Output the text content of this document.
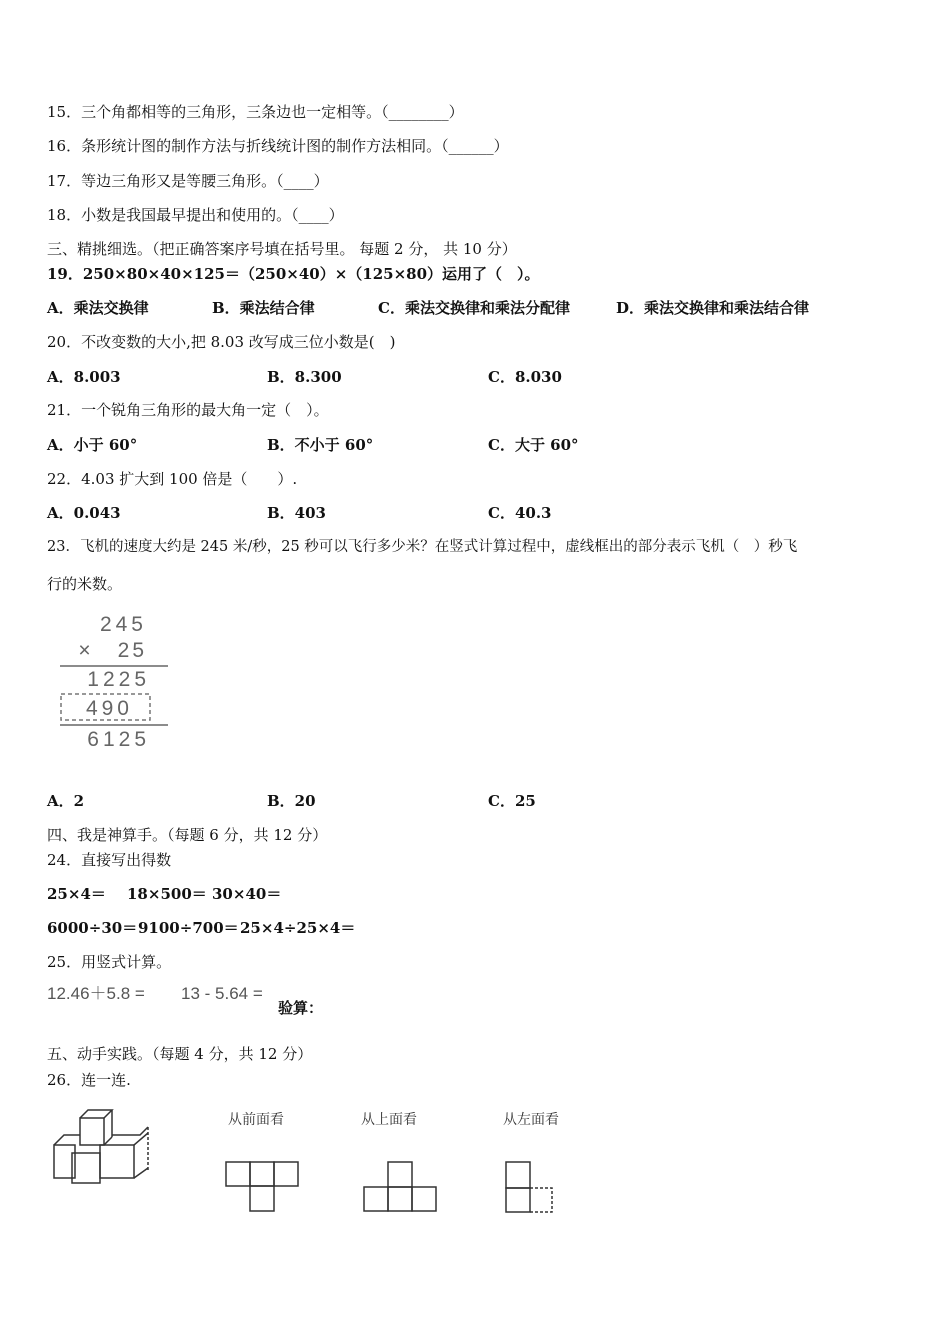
15．三个角都相等的三角形，三条边也一定相等。（________）
16．条形统计图的制作方法与折线统计图的制作方法相同。（______）
17．等边三角形又是等腰三角形。（____）
18．小数是我国最早提出和使用的。（____）
三、精挑细选。（把正确答案序号填在括号里。 每题 2 分， 共 10 分）
19．250×80×40×125＝（250×40）×（125×80）运用了（　）。
A．乘法交换律	B．乘法结合律	C．乘法交换律和乘法分配律	D．乘法交换律和乘法结合律
20．不改变数的大小,把 8.03 改写成三位小数是(　)
A．8.003	B．8.300	C．8.030
21．一个锐角三角形的最大角一定（　）。
A．小于 60°	B．不小于 60°	C．大于 60°
22．4.03 扩大到 100 倍是（　　）.
A．0.043	B．403	C．40.3
23．飞机的速度大约是 245 米/秒，25 秒可以飞行多少米？在竖式计算过程中，虚线框出的部分表示飞机（　）秒飞
行的米数。
245
×　25
1225
490
6125
A．2	B．20	C．25
四、我是神算手。（每题 6 分，共 12 分）
24．直接写出得数
25×4＝ 18×500＝ 30×40＝
6000÷30＝ 9100÷700＝ 25×4÷25×4＝
25．用竖式计算。
12.46＋5.8 = 13 - 5.64 =
验算：
五、动手实践。（每题 4 分，共 12 分）
26．连一连.
从前面看	从上面看	从左面看
